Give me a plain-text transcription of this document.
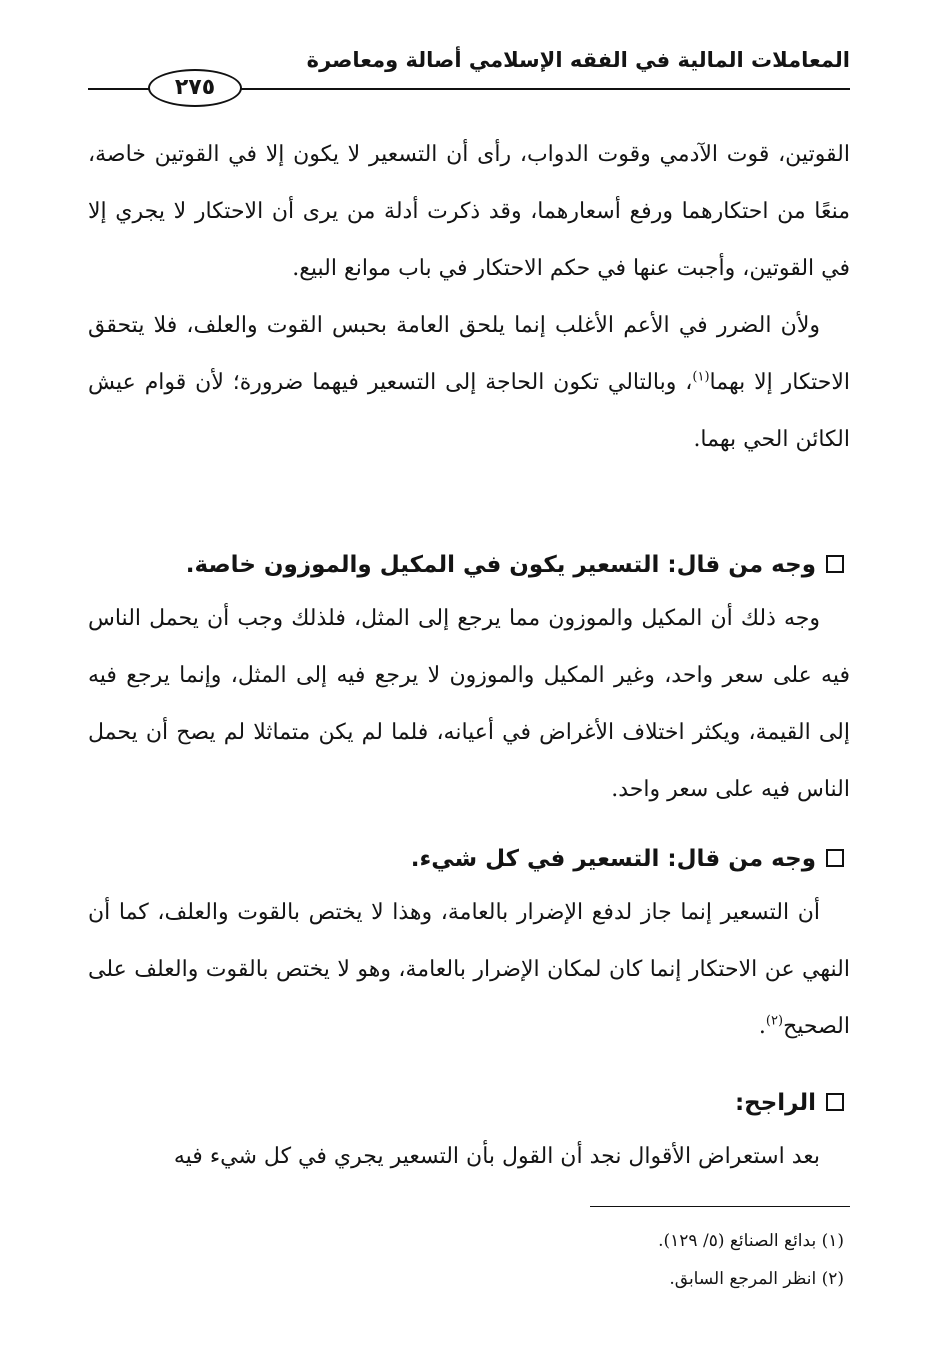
المعاملات المالية في الفقه الإسلامي أصالة ومعاصرة
٢٧٥

القوتين، قوت الآدمي وقوت الدواب، رأى أن التسعير لا يكون إلا في القوتين خاصة، منعًا من احتكارهما ورفع أسعارهما، وقد ذكرت أدلة من يرى أن الاحتكار لا يجري إلا في القوتين، وأجبت عنها في حكم الاحتكار في باب موانع البيع.

ولأن الضرر في الأعم الأغلب إنما يلحق العامة بحبس القوت والعلف، فلا يتحقق الاحتكار إلا بهما$^{(١)}$، وبالتالي تكون الحاجة إلى التسعير فيهما ضرورة؛ لأن قوام عيش الكائن الحي بهما.

وجه من قال: التسعير يكون في المكيل والموزون خاصة.

وجه ذلك أن المكيل والموزون مما يرجع إلى المثل، فلذلك وجب أن يحمل الناس فيه على سعر واحد، وغير المكيل والموزون لا يرجع فيه إلى المثل، وإنما يرجع فيه إلى القيمة، ويكثر اختلاف الأغراض في أعيانه، فلما لم يكن متماثلا لم يصح أن يحمل الناس فيه على سعر واحد.

وجه من قال: التسعير في كل شيء.

أن التسعير إنما جاز لدفع الإضرار بالعامة، وهذا لا يختص بالقوت والعلف، كما أن النهي عن الاحتكار إنما كان لمكان الإضرار بالعامة، وهو لا يختص بالقوت والعلف على الصحيح$^{(٢)}$.

الراجح:

بعد استعراض الأقوال نجد أن القول بأن التسعير يجري في كل شيء فيه

(١) بدائع الصنائع (٥/ ١٢٩).
(٢) انظر المرجع السابق.
